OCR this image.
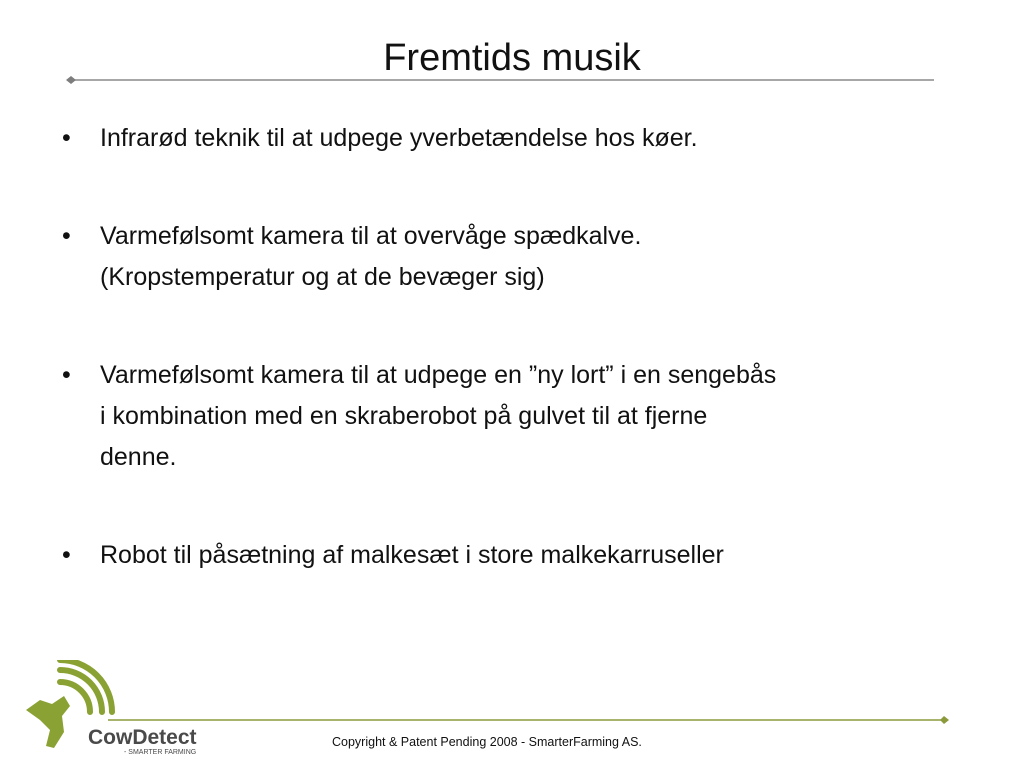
Fremtids musik
• Infrarød teknik til at udpege yverbetændelse hos køer.
• Varmefølsomt kamera til at overvåge spædkalve.
(Kropstemperatur og at de bevæger sig)
• Varmefølsomt kamera til at udpege en ”ny lort” i en sengebås
i kombination med en skraberobot på gulvet til at fjerne
denne.
• Robot til påsætning af malkesæt i store malkekarruseller
CowDetect
- SMARTER FARMING
Copyright & Patent Pending 2008 - SmarterFarming AS.
